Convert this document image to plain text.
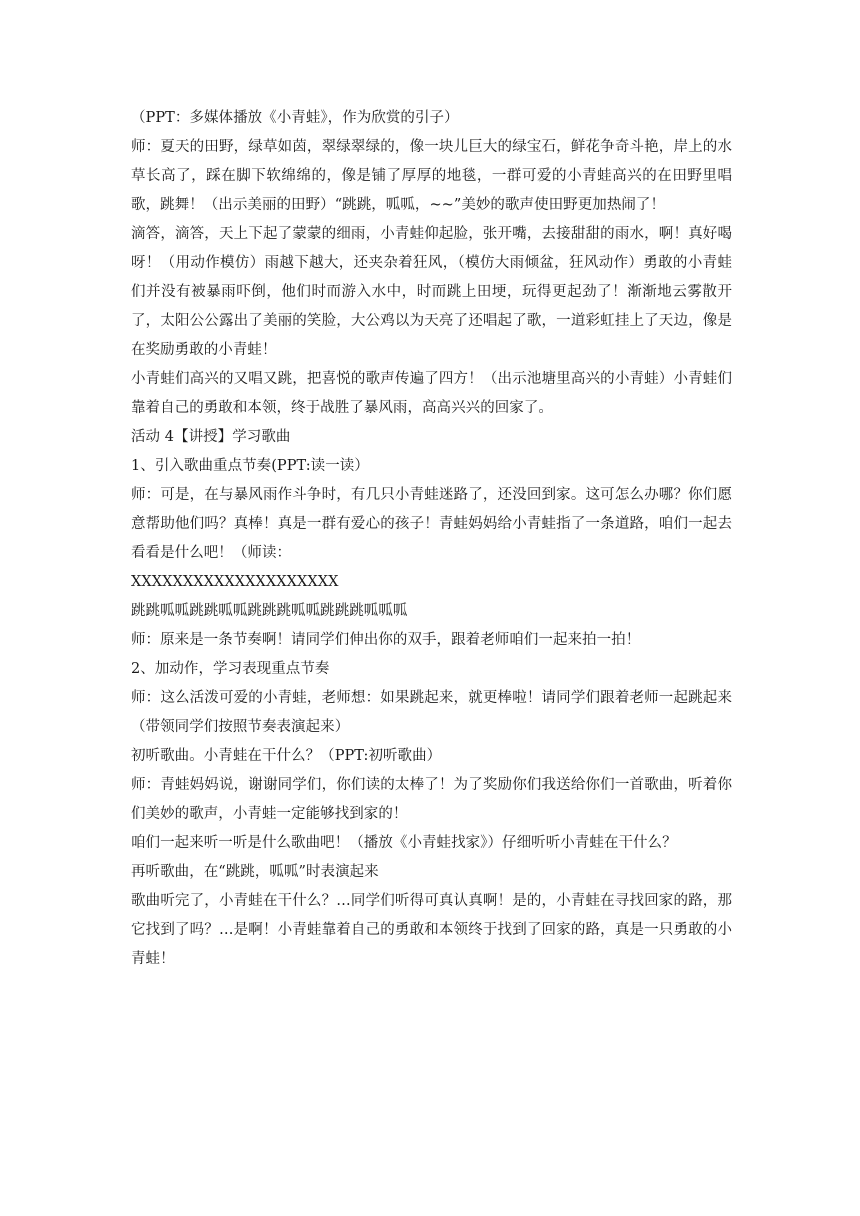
（PPT：多媒体播放《小青蛙》，作为欣赏的引子）

师：夏天的田野，绿草如茵，翠绿翠绿的，像一块儿巨大的绿宝石，鲜花争奇斗艳，岸上的水草长高了，踩在脚下软绵绵的，像是铺了厚厚的地毯，一群可爱的小青蛙高兴的在田野里唱歌，跳舞！（出示美丽的田野）“跳跳，呱呱，~~”美妙的歌声使田野更加热闹了！

滴答，滴答，天上下起了蒙蒙的细雨，小青蛙仰起脸，张开嘴，去接甜甜的雨水，啊！真好喝呀！（用动作模仿）雨越下越大，还夹杂着狂风，（模仿大雨倾盆，狂风动作）勇敢的小青蛙们并没有被暴雨吓倒，他们时而游入水中，时而跳上田埂，玩得更起劲了！渐渐地云雾散开了，太阳公公露出了美丽的笑脸，大公鸡以为天亮了还唱起了歌，一道彩虹挂上了天边，像是在奖励勇敢的小青蛙！

小青蛙们高兴的又唱又跳，把喜悦的歌声传遍了四方！（出示池塘里高兴的小青蛙）小青蛙们靠着自己的勇敢和本领，终于战胜了暴风雨，高高兴兴的回家了。

活动 4【讲授】学习歌曲

1、引入歌曲重点节奏(PPT:读一读）

师：可是，在与暴风雨作斗争时，有几只小青蛙迷路了，还没回到家。这可怎么办哪？你们愿意帮助他们吗？真棒！真是一群有爱心的孩子！青蛙妈妈给小青蛙指了一条道路，咱们一起去看看是什么吧！（师读：

XXXXXXXXXXXXXXXXXXXX

跳跳呱呱跳跳呱呱跳跳跳呱呱跳跳跳呱呱呱

师：原来是一条节奏啊！请同学们伸出你的双手，跟着老师咱们一起来拍一拍！

2、加动作，学习表现重点节奏

师：这么活泼可爱的小青蛙，老师想：如果跳起来，就更棒啦！请同学们跟着老师一起跳起来（带领同学们按照节奏表演起来）

初听歌曲。小青蛙在干什么？（PPT:初听歌曲）

师：青蛙妈妈说，谢谢同学们，你们读的太棒了！为了奖励你们我送给你们一首歌曲，听着你们美妙的歌声，小青蛙一定能够找到家的！

咱们一起来听一听是什么歌曲吧！（播放《小青蛙找家》）仔细听听小青蛙在干什么？

再听歌曲，在“跳跳，呱呱”时表演起来

歌曲听完了，小青蛙在干什么？…同学们听得可真认真啊！是的，小青蛙在寻找回家的路，那它找到了吗？…是啊！小青蛙靠着自己的勇敢和本领终于找到了回家的路，真是一只勇敢的小青蛙！
